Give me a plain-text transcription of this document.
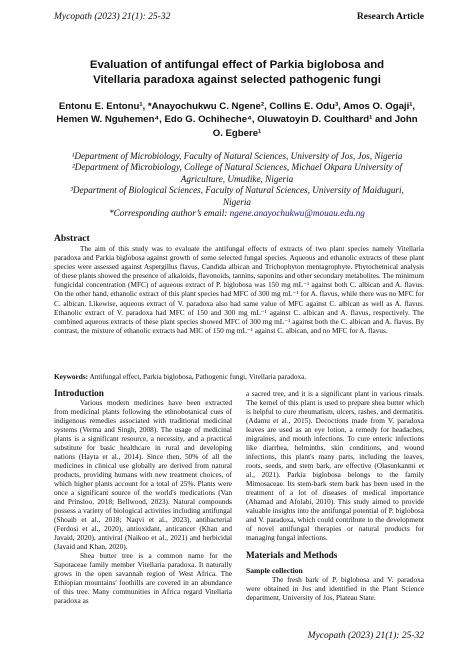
Mycopath (2023) 21(1): 25-32	Research Article
Evaluation of antifungal effect of Parkia biglobosa and
Vitellaria paradoxa against selected pathogenic fungi
Entonu E. Entonu¹, *Anayochukwu C. Ngene², Collins E. Odu³, Amos O. Ogaji¹,
Hemen W. Nguhemen⁴, Edo G. Ochiheche⁴, Oluwatoyin D. Coulthard¹ and John
O. Egbere¹
¹Department of Microbiology, Faculty of Natural Sciences, University of Jos, Jos, Nigeria
²Department of Microbiology, College of Natural Sciences, Michael Okpara University of
Agriculture, Umudike, Nigeria
³Department of Biological Sciences, Faculty of Natural Sciences, University of Maiduguri,
Nigeria
*Corresponding author’s email: ngene.anayochukwu@mouau.edu.ng
Abstract

The aim of this study was to evaluate the antifungal effects of extracts of two plant species namely Vitellaria paradoxa and Parkia biglobosa against growth of some selected fungal species. Aqueous and ethanolic extracts of these plant species were assessed against Aspergillus flavus, Candida albican and Trichophyton mentagrophyte. Phytochemical analysis of these plants showed the presence of alkaloids, flavonoids, tannins, saponins and other secondary metabolites. The minimum fungicidal concentration (MFC) of aqueous extract of P. biglobosa was 150 mg mL⁻¹ against both C. albican and A. flavus. On the other hand, ethanolic extract of this plant species had MFC of 300 mg mL⁻¹ for A. flavus, while there was no MFC for C. albican. Likewise, aqueous extract of V. paradoxa also had same value of MFC against C. albican as well as A. flavus. Ethanolic extract of V. paradoxa had MFC of 150 and 300 mg mL⁻¹ against C. albican and A. flavus, respectively. The combined aqueous extracts of these plant species showed MFC of 300 mg mL⁻¹ against both the C. albican and A. flavus. By contrast, the mixture of ethanolic extracts had MIC of 150 mg mL⁻¹ against C. albican, and no MFC for A. flavus.

Keywords: Antifungal effect, Parkia biglobosa, Pathogenic fungi, Vitellaria paradoxa.

Introduction

Various modern medicines have been extracted from medicinal plants following the ethnobotanical cues of indigenous remedies associated with traditional medicinal systems (Verma and Singh, 2008). The usage of medicinal plants is a significant resource, a necessity, and a practical substitute for basic healthcare in rural and developing nations (Hayta et al., 2014). Since then, 50% of all the medicines in clinical use globally are derived from natural products, providing humans with new treatment choices, of which higher plants account for a total of 25%. Plants were once a significant source of the world's medications (Van and Prinsloo, 2018; Bellwood, 2023). Natural compounds possess a variety of biological activities including antifungal (Shoaib et al., 2018; Naqvi et al., 2023), antibacterial (Ferdosi et al., 2020), antioxidant, anticancer (Khan and Javaid, 2020), antiviral (Naikoo et al., 2021) and herbicidal (Javaid and Khan, 2020).

Shea butter tree is a common name for the Sapotaceae family member Vitellaria paradoxa. It naturally grows in the open savannah region of West Africa. The Ethiopian mountains' foothills are covered in an abundance of this tree. Many communities in Africa regard Vitellaria paradoxa as

a sacred tree, and it is a significant plant in various rituals. The kernel of this plant is used to prepare shea butter which is helpful to cure rheumatism, ulcers, rashes, and dermatitis. (Adamu et al., 2015). Decoctions made from V. paradoxa leaves are used as an eye lotion, a remedy for headaches, migraines, and mouth infections. To cure enteric infections like diarrhea, helminths, skin conditions, and wound infections, this plant's many parts, including the leaves, roots, seeds, and stem bark, are effective (Olasunkanmi et al., 2021). Parkia biglobosa belongs to the family Mimosaceae. Its stem-bark stem bark has been used in the treatment of a lot of diseases of medical importance (Ahamad and Afolabi, 2010). This study aimed to provide valuable insights into the antifungal potential of P. biglobosa and V. paradoxa, which could contribute to the development of novel antifungal therapies or natural products for managing fungal infections.

Materials and Methods

Sample collection

The fresh bark of P. biglobosa and V. paradoxa were obtained in Jos and identified in the Plant Science department, University of Jos, Plateau State.

Mycopath (2023) 21(1): 25-32
